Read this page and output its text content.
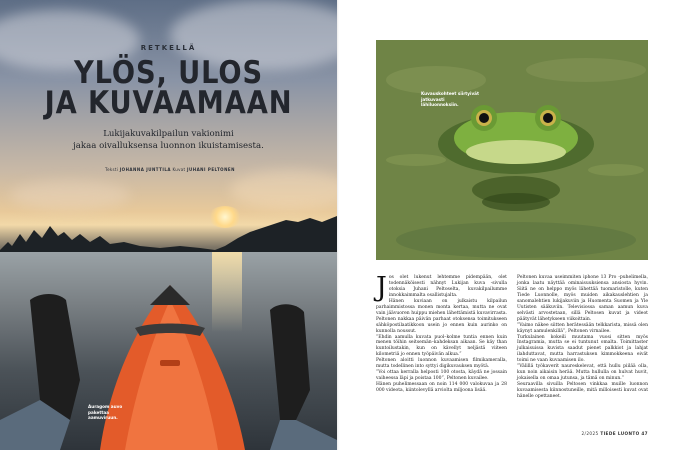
RETKELLÄ
YLÖS, ULOS
JA KUVAAMAAN
Lukijakuvakilpailun vakionimi
jakaa oivalluksensa luonnon ikuistamisesta.
Teksti JOHANNA JUNTTILA Kuvat JUHANI PELTONEN
Auragom auvo pakettaa aamuviruun.
Kuvauskohteet siirtyivät jatkuvasti lähiluonnoksiin.

Jos olet lukenut lehtemme pidempään, olet todennäköisesti nähnyt Lukijan kuva -sivulla otoksia Juhani Peltoselta, kuvakilpailumme innokkaimmalta osallistujalta.

Hänen kuviaan on julkaistu kilpailun parhaimmistossa monen monta kertaa, mutta ne ovat vain jäävuoren huippu miehen lähettämistä kuvavirrasta. Peltonen nakkaa päivän parhaat otoksensa toimitukseen sähköpostilaatikkoon usein jo ennen kuin aurinko on kunnolla noussut.

”Ehdin aamulla kuvata puol–kolme tuntia ennen kuin menen töihin seitsemän–kahdeksan aikaan. Se käy than kuntoilustakin, kun on kävellyt neljästä viiteen kilometriä jo ennen työpäivän alkua.”

Peltonen aloitti luonnon kuvaamisen filmikameralla, mutta todellinen into syttyi digikuvauksen myötä.

”Voi ottaa kerralla helposti 100 otosta, käydä ne jossain vaiheessa läpi ja poistaa 100”, Peltonen kuvailee.

Hänen puhelimessaan on noin 114 000 valokuvaa ja 28 000 videota, kiintolevyllä arviolta miljoona lisää.

Peltonen kuvaa useimmiten iphone 13 Pro -puhelimella, jonka laatu näyttää ominaisuuksiensa ansiosta hyvin. Siitä ne on helppo myös lähettää tuomaristolle, kuten Tiede Luonnolle, myös muiden aikakauslehtien ja sanomalehtien lukijakuviin ja Huomenta Suomen ja Yle Uutisten sääkuviin. Televisiossa saman aamun kuva selvästi arvostetaan, sillä Peltosen kuvat ja videot päätyvät lähetykseen viikoittain.

”Vaimo näkee siitten herätessään telkkarista, missä olen käynyt aamulenkillä”, Peltonen virnailee.

Turkulainen kokeili muutama vuosi sitten myös Instagramia, mutta se ei tuntunut omalta. Toimittaster julkaisuissa kuvista saadut pienet palkkiot ja lahjat ilahduttavat, mutta harrastuksen kimmokkeena eivät toimi ne vaan kuvaamisen ilo.

”Välillä työkaverit naureskelevat, että hullu piilää olla, kun noin aikaisin herää. Mutta hullulla on hulvat huvit, jokaisella on omaa jutunsa, ja tämä on minun.”

Seuraavilla sivuilla Peltosen vinkkaa muille luonnon kuvaamisesta kiinnostuneille, mitä milloisesti kuvat ovat hänelle opettaneet.

2/2025 TIEDE LUONTO 47
